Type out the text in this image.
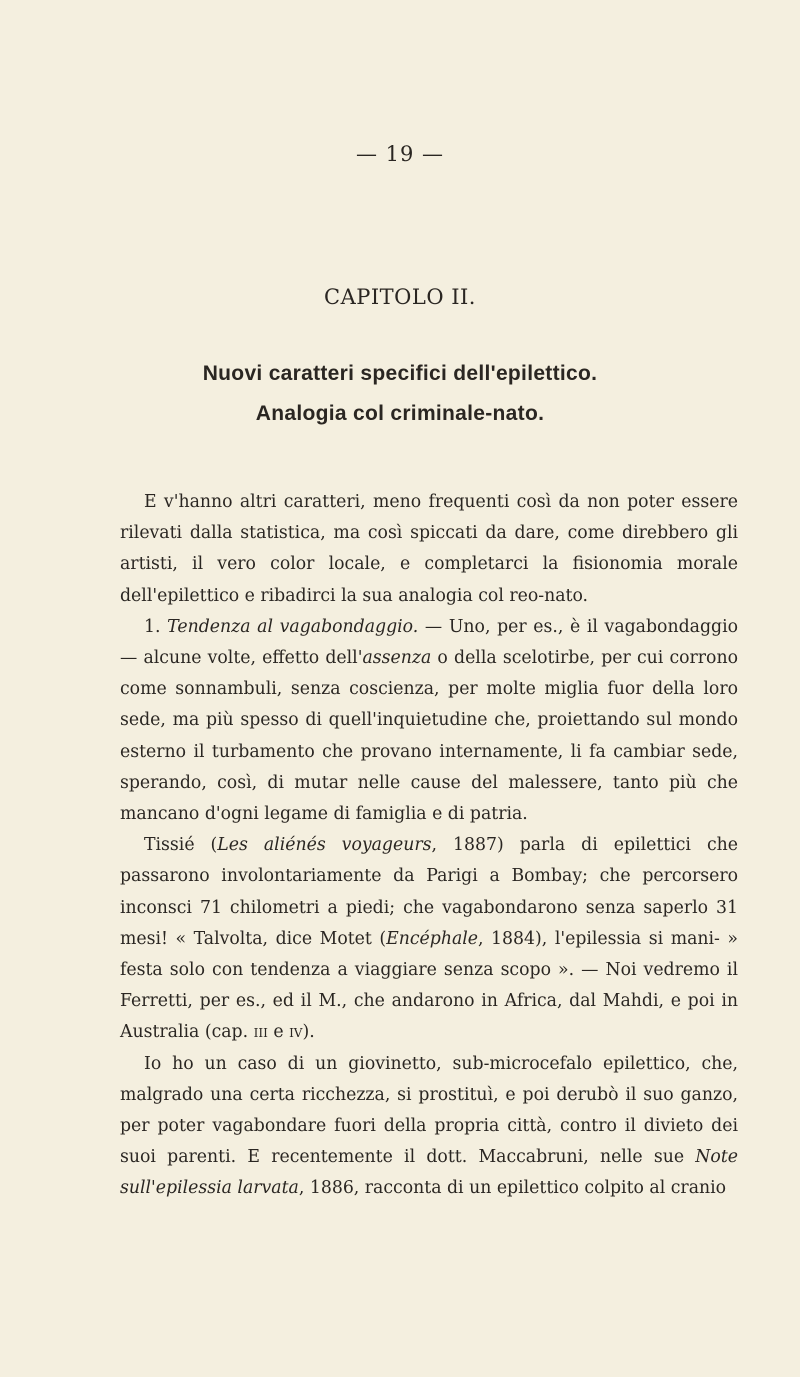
— 19 —
CAPITOLO II.
Nuovi caratteri specifici dell'epilettico.
Analogia col criminale-nato.

E v'hanno altri caratteri, meno frequenti così da non poter essere rilevati dalla statistica, ma così spiccati da dare, come direbbero gli artisti, il vero color locale, e completarci la fisionomia morale dell'epilettico e ribadirci la sua analogia col reo-nato.

1. Tendenza al vagabondaggio. — Uno, per es., è il vagabondaggio — alcune volte, effetto dell'assenza o della scelotirbe, per cui corrono come sonnambuli, senza coscienza, per molte miglia fuor della loro sede, ma più spesso di quell'inquietudine che, proiettando sul mondo esterno il turbamento che provano internamente, li fa cambiar sede, sperando, così, di mutar nelle cause del malessere, tanto più che mancano d'ogni legame di famiglia e di patria.

Tissié (Les aliénés voyageurs, 1887) parla di epilettici che passarono involontariamente da Parigi a Bombay; che percorsero inconsci 71 chilometri a piedi; che vagabondarono senza saperlo 31 mesi! « Talvolta, dice Motet (Encéphale, 1884), l'epilessia si mani- » festa solo con tendenza a viaggiare senza scopo ». — Noi vedremo il Ferretti, per es., ed il M., che andarono in Africa, dal Mahdi, e poi in Australia (cap. iii e iv).

Io ho un caso di un giovinetto, sub-microcefalo epilettico, che, malgrado una certa ricchezza, si prostituì, e poi derubò il suo ganzo, per poter vagabondare fuori della propria città, contro il divieto dei suoi parenti. E recentemente il dott. Maccabruni, nelle sue Note sull'epilessia larvata, 1886, racconta di un epilettico colpito al cranio
